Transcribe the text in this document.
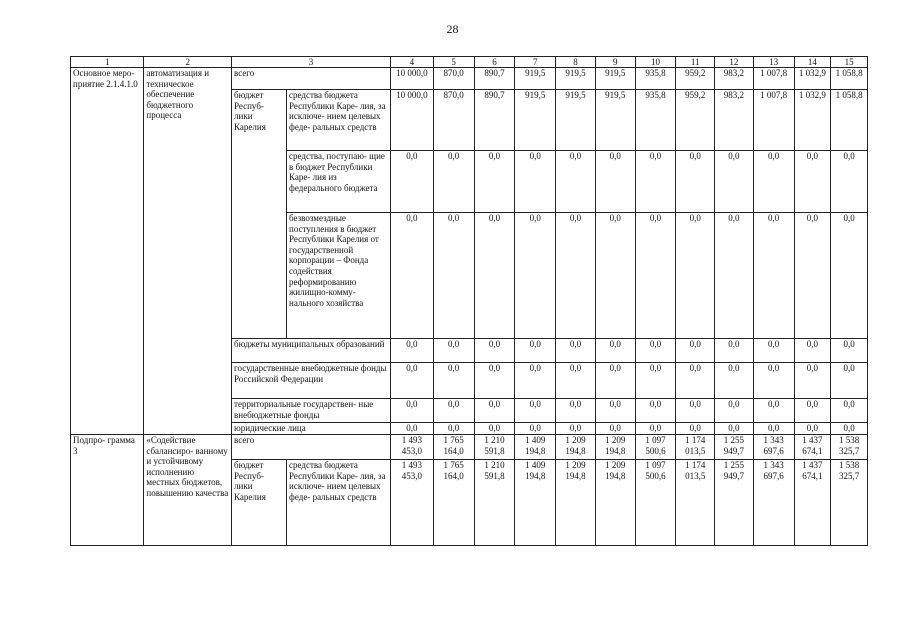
28
1	2	3		4	5	6	7	8	9	10	11	12	13	14	15
Основное меро- приятие 2.1.4.1.0	автоматизация и техническое обеспечение бюджетного процесса	всего		10 000,0	870,0	890,7	919,5	919,5	919,5	935,8	959,2	983,2	1 007,8	1 032,9	1 058,8
		бюджет Респуб- лики Карелия	средства бюджета Республики Каре- лия, за исключе- нием целевых феде- ральных средств	10 000,0	870,0	890,7	919,5	919,5	919,5	935,8	959,2	983,2	1 007,8	1 032,9	1 058,8
			средства, поступаю- щие в бюджет Республики Каре- лия из федерального бюджета	0,0	0,0	0,0	0,0	0,0	0,0	0,0	0,0	0,0	0,0	0,0	0,0
			безвозмездные поступления в бюджет Республики Карелия от государственной корпорации – Фонда содействия реформированию жилищно-комму- нального хозяйства	0,0	0,0	0,0	0,0	0,0	0,0	0,0	0,0	0,0	0,0	0,0	0,0
		бюджеты муниципальных образований		0,0	0,0	0,0	0,0	0,0	0,0	0,0	0,0	0,0	0,0	0,0	0,0
		государственные внебюджетные фонды Российской Федерации		0,0	0,0	0,0	0,0	0,0	0,0	0,0	0,0	0,0	0,0	0,0	0,0
		территориальные государствен- ные внебюджетные фонды		0,0	0,0	0,0	0,0	0,0	0,0	0,0	0,0	0,0	0,0	0,0	0,0
		юридические лица		0,0	0,0	0,0	0,0	0,0	0,0	0,0	0,0	0,0	0,0	0,0	0,0
Подпро- грамма 3	«Содействие сбалансиро- ванному и устойчивому исполнению местных бюджетов, повышению качества	всего		1 493 453,0	1 765 164,0	1 210 591,8	1 409 194,8	1 209 194,8	1 209 194,8	1 097 500,6	1 174 013,5	1 255 949,7	1 343 697,6	1 437 674,1	1 538 325,7
		бюджет Респуб- лики Карелия	средства бюджета Республики Каре- лия, за исключе- нием целевых феде- ральных средств	1 493 453,0	1 765 164,0	1 210 591,8	1 409 194,8	1 209 194,8	1 209 194,8	1 097 500,6	1 174 013,5	1 255 949,7	1 343 697,6	1 437 674,1	1 538 325,7
